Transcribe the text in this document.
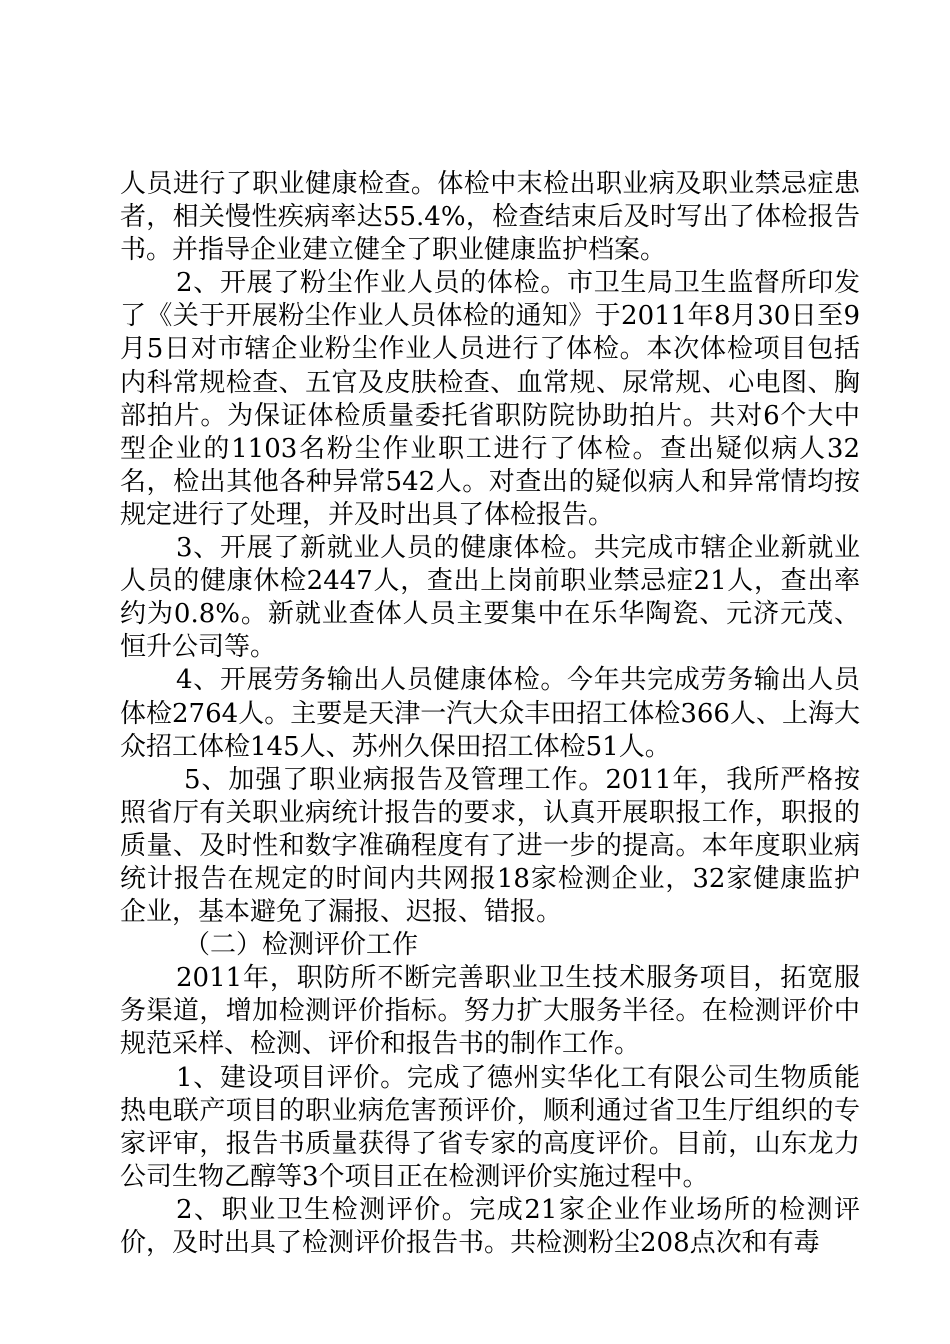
人员进行了职业健康检查。体检中末检出职业病及职业禁忌症患者，相关慢性疾病率达55.4%，检查结束后及时写出了体检报告书。并指导企业建立健全了职业健康监护档案。

2、开展了粉尘作业人员的体检。市卫生局卫生监督所印发了《关于开展粉尘作业人员体检的通知》于2011年8月30日至9月5日对市辖企业粉尘作业人员进行了体检。本次体检项目包括内科常规检查、五官及皮肤检查、血常规、尿常规、心电图、胸部拍片。为保证体检质量委托省职防院协助拍片。共对6个大中型企业的1103名粉尘作业职工进行了体检。查出疑似病人32名，检出其他各种异常542人。对查出的疑似病人和异常情均按规定进行了处理，并及时出具了体检报告。

3、开展了新就业人员的健康体检。共完成市辖企业新就业人员的健康休检2447人，查出上岗前职业禁忌症21人，查出率约为0.8%。新就业查体人员主要集中在乐华陶瓷、元济元茂、恒升公司等。

4、开展劳务输出人员健康体检。今年共完成劳务输出人员体检2764人。主要是天津一汽大众丰田招工体检366人、上海大众招工体检145人、苏州久保田招工体检51人。

5、加强了职业病报告及管理工作。2011年，我所严格按照省厅有关职业病统计报告的要求，认真开展职报工作，职报的质量、及时性和数字准确程度有了进一步的提高。本年度职业病统计报告在规定的时间内共网报18家检测企业，32家健康监护企业，基本避免了漏报、迟报、错报。

（二）检测评价工作

2011年，职防所不断完善职业卫生技术服务项目，拓宽服务渠道，增加检测评价指标。努力扩大服务半径。在检测评价中规范采样、检测、评价和报告书的制作工作。

1、建设项目评价。完成了德州实华化工有限公司生物质能热电联产项目的职业病危害预评价，顺利通过省卫生厅组织的专家评审，报告书质量获得了省专家的高度评价。目前，山东龙力公司生物乙醇等3个项目正在检测评价实施过程中。

2、职业卫生检测评价。完成21家企业作业场所的检测评价，及时出具了检测评价报告书。共检测粉尘208点次和有毒
